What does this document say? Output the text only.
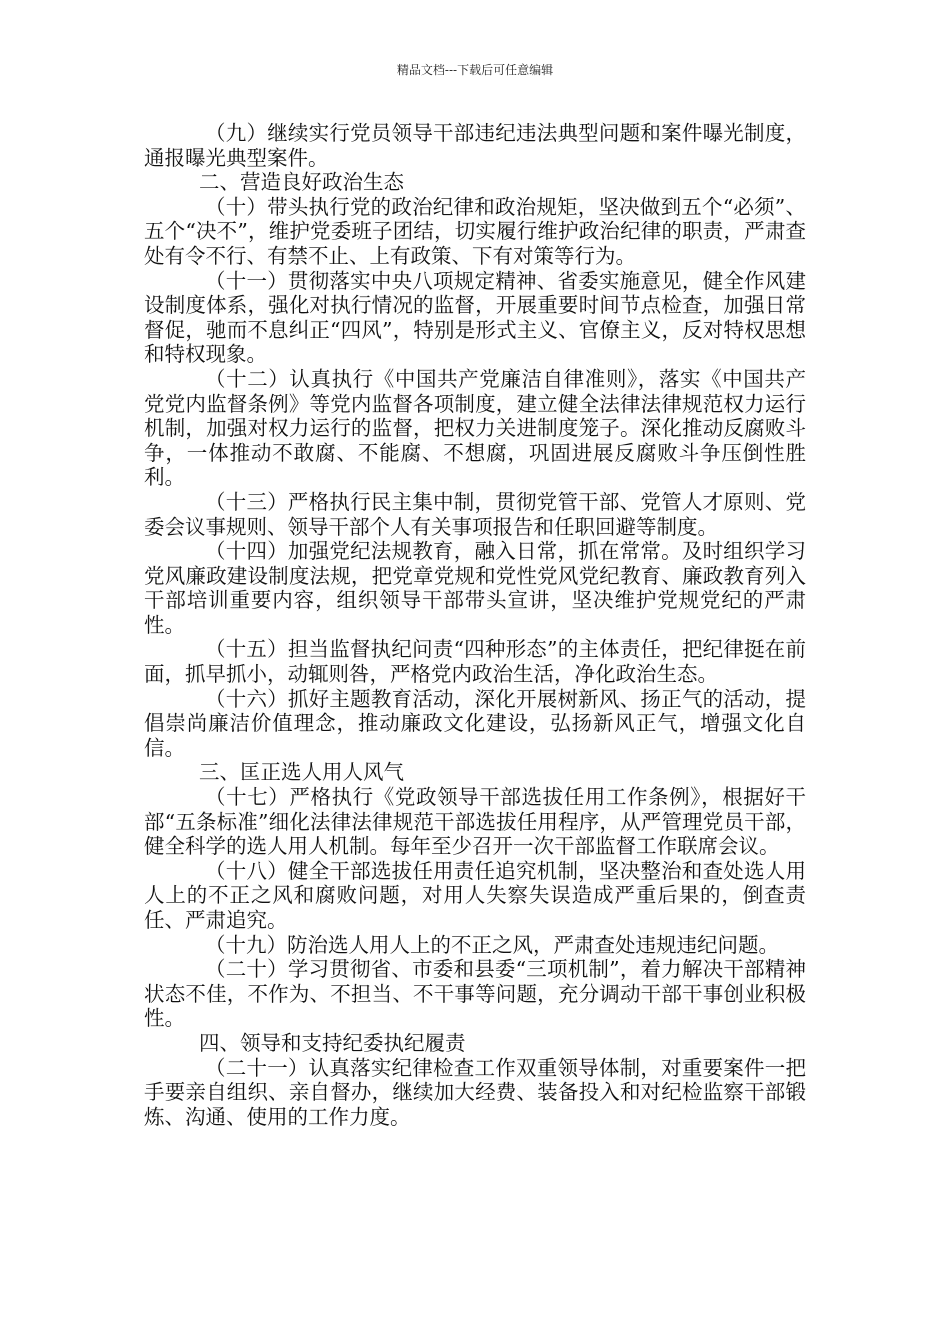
精品文档---下载后可任意编辑

（九）继续实行党员领导干部违纪违法典型问题和案件曝光制度，通报曝光典型案件。

二、营造良好政治生态

（十）带头执行党的政治纪律和政治规矩，坚决做到五个“必须”、五个“决不”，维护党委班子团结，切实履行维护政治纪律的职责，严肃查处有令不行、有禁不止、上有政策、下有对策等行为。

（十一）贯彻落实中央八项规定精神、省委实施意见，健全作风建设制度体系，强化对执行情况的监督，开展重要时间节点检查，加强日常督促，驰而不息纠正“四风”，特别是形式主义、官僚主义，反对特权思想和特权现象。

（十二）认真执行《中国共产党廉洁自律准则》，落实《中国共产党党内监督条例》等党内监督各项制度，建立健全法律法律规范权力运行机制，加强对权力运行的监督，把权力关进制度笼子。深化推动反腐败斗争，一体推动不敢腐、不能腐、不想腐，巩固进展反腐败斗争压倒性胜利。

（十三）严格执行民主集中制，贯彻党管干部、党管人才原则、党委会议事规则、领导干部个人有关事项报告和任职回避等制度。

（十四）加强党纪法规教育，融入日常，抓在常常。及时组织学习党风廉政建设制度法规，把党章党规和党性党风党纪教育、廉政教育列入干部培训重要内容，组织领导干部带头宣讲，坚决维护党规党纪的严肃性。

（十五）担当监督执纪问责“四种形态”的主体责任，把纪律挺在前面，抓早抓小，动辄则咎，严格党内政治生活，净化政治生态。

（十六）抓好主题教育活动，深化开展树新风、扬正气的活动，提倡崇尚廉洁价值理念，推动廉政文化建设，弘扬新风正气，增强文化自信。

三、匡正选人用人风气

（十七）严格执行《党政领导干部选拔任用工作条例》，根据好干部“五条标准”细化法律法律规范干部选拔任用程序，从严管理党员干部，健全科学的选人用人机制。每年至少召开一次干部监督工作联席会议。

（十八）健全干部选拔任用责任追究机制，坚决整治和查处选人用人上的不正之风和腐败问题，对用人失察失误造成严重后果的，倒查责任、严肃追究。

（十九）防治选人用人上的不正之风，严肃查处违规违纪问题。

（二十）学习贯彻省、市委和县委“三项机制”，着力解决干部精神状态不佳，不作为、不担当、不干事等问题，充分调动干部干事创业积极性。

四、领导和支持纪委执纪履责

（二十一）认真落实纪律检查工作双重领导体制，对重要案件一把手要亲自组织、亲自督办，继续加大经费、装备投入和对纪检监察干部锻炼、沟通、使用的工作力度。
